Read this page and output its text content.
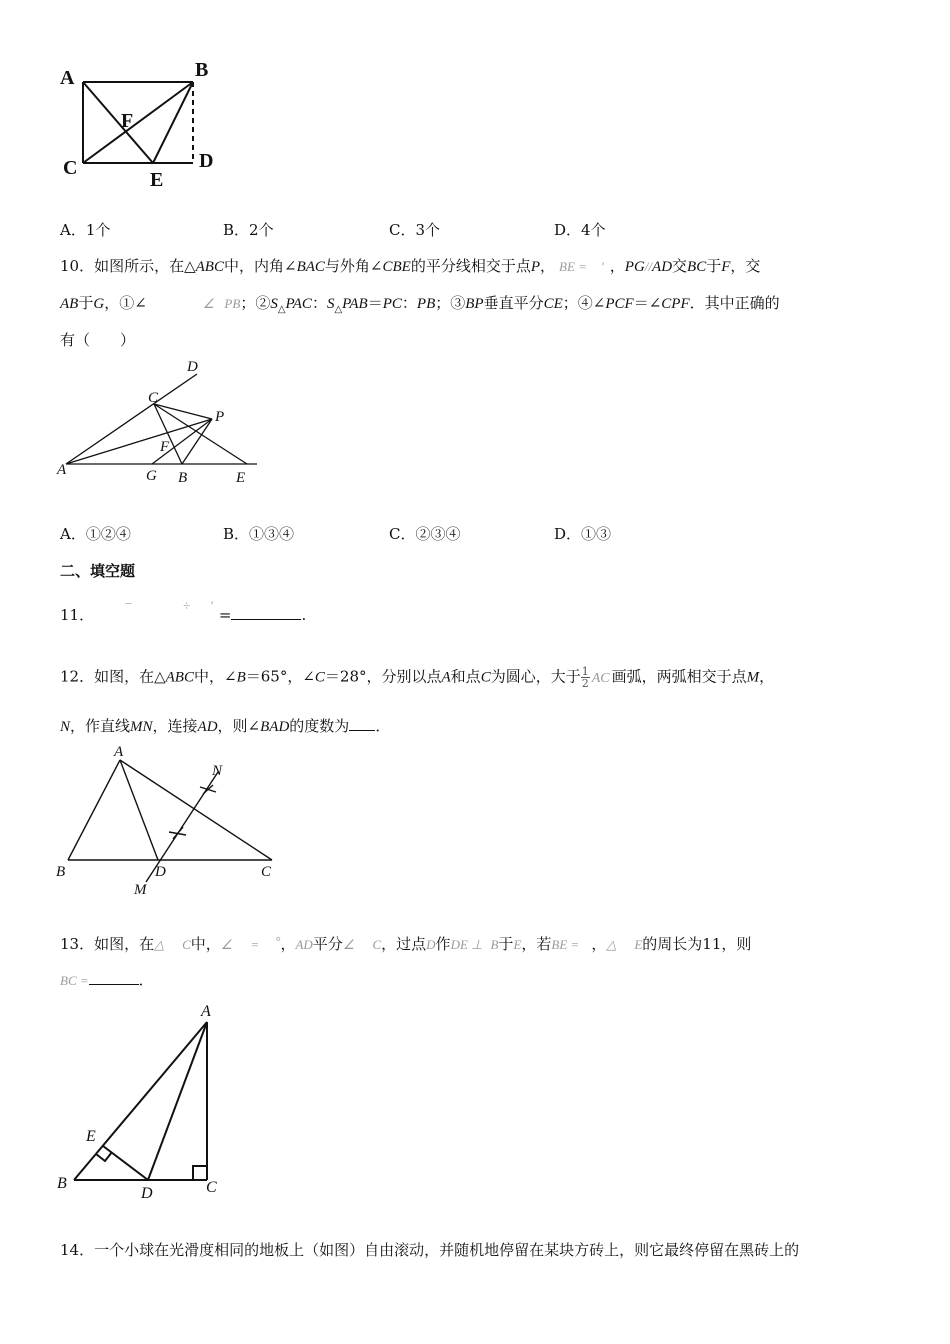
A	B
C	D
E
F
A．1个	B．2个	C．3个	D．4个
10．如图所示，在△ABC中，内角∠BAC与外角∠CBE的平分线相交于点P， BE = ′ ，PG//AD交BC于F，交
AB于G，①∠	∠ PB；$②S_\triangle PAC$：$S_\triangle PAB=PC$：PB；③BP垂直平分CE；④∠PCF＝∠CPF．其中正确的
有（　　）
D
C
P
F
A	G B	E
A．①②④	B．①③④	C．②③④	D．①③
二、填空题
11．−	÷ ′=	.
12．如图，在△ABC中，∠B＝65°，∠C＝28°，分别以点A和点C为圆心，大于 $\frac{1}{2}$ AC 画弧，两弧相交于点M，
N，作直线MN，连接AD，则∠BAD的度数为 ．
A
N
B	D	C
M
13．如图，在△ C中，∠ = °，AD平分∠ C，过点D作DE ⊥ B于E，若BE = ，△ E的周长为11，则
BC =	．
A
E
B
D	C
14．一个小球在光滑度相同的地板上（如图）自由滚动，并随机地停留在某块方砖上，则它最终停留在黑砖上的
